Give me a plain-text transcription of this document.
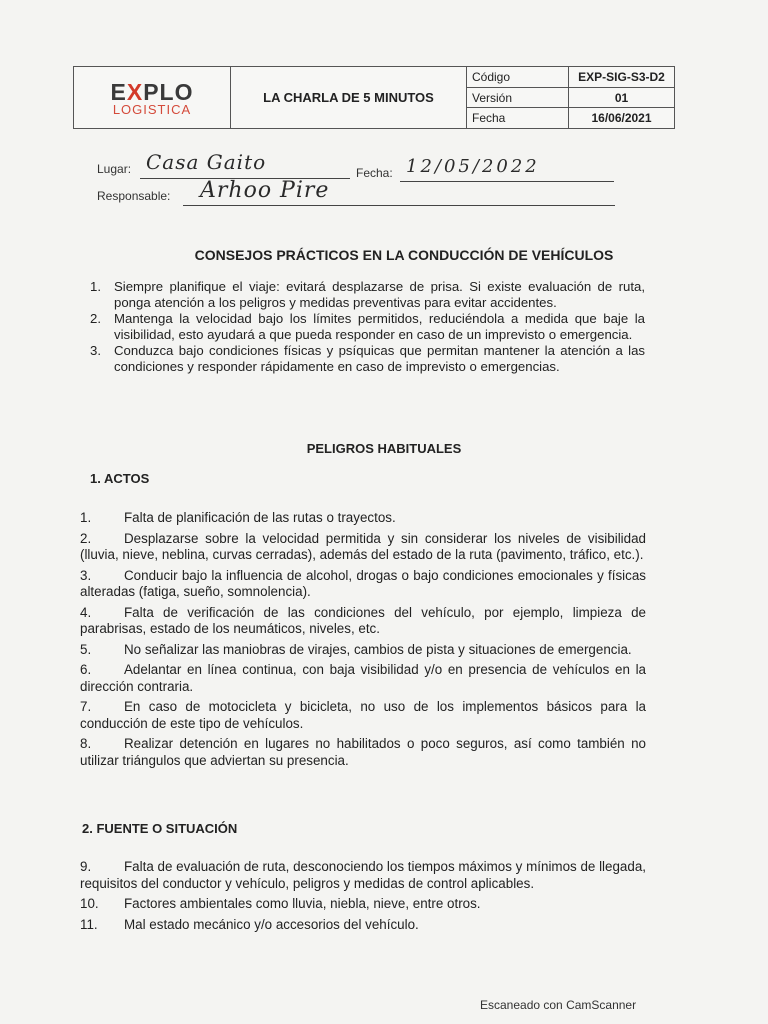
EXPLO
LOGISTICA
LA CHARLA DE 5 MINUTOS
Código	EXP-SIG-S3-D2
Versión	01
Fecha	16/06/2021
Lugar: Casa Gaito	Fecha: 12/05/2022
Responsable: Arhoo Pire
CONSEJOS PRÁCTICOS EN LA CONDUCCIÓN DE VEHÍCULOS
1. Siempre planifique el viaje: evitará desplazarse de prisa. Si existe evaluación de ruta, ponga atención a los peligros y medidas preventivas para evitar accidentes.
2. Mantenga la velocidad bajo los límites permitidos, reduciéndola a medida que baje la visibilidad, esto ayudará a que pueda responder en caso de un imprevisto o emergencia.
3. Conduzca bajo condiciones físicas y psíquicas que permitan mantener la atención a las condiciones y responder rápidamente en caso de imprevisto o emergencias.
PELIGROS HABITUALES
1. ACTOS

1. Falta de planificación de las rutas o trayectos.

2. Desplazarse sobre la velocidad permitida y sin considerar los niveles de visibilidad (lluvia, nieve, neblina, curvas cerradas), además del estado de la ruta (pavimento, tráfico, etc.).

3. Conducir bajo la influencia de alcohol, drogas o bajo condiciones emocionales y físicas alteradas (fatiga, sueño, somnolencia).

4. Falta de verificación de las condiciones del vehículo, por ejemplo, limpieza de parabrisas, estado de los neumáticos, niveles, etc.

5. No señalizar las maniobras de virajes, cambios de pista y situaciones de emergencia.

6. Adelantar en línea continua, con baja visibilidad y/o en presencia de vehículos en la dirección contraria.

7. En caso de motocicleta y bicicleta, no uso de los implementos básicos para la conducción de este tipo de vehículos.

8. Realizar detención en lugares no habilitados o poco seguros, así como también no utilizar triángulos que adviertan su presencia.

2. FUENTE O SITUACIÓN

9. Falta de evaluación de ruta, desconociendo los tiempos máximos y mínimos de llegada, requisitos del conductor y vehículo, peligros y medidas de control aplicables.

10. Factores ambientales como lluvia, niebla, nieve, entre otros.

11. Mal estado mecánico y/o accesorios del vehículo.

Escaneado con CamScanner
